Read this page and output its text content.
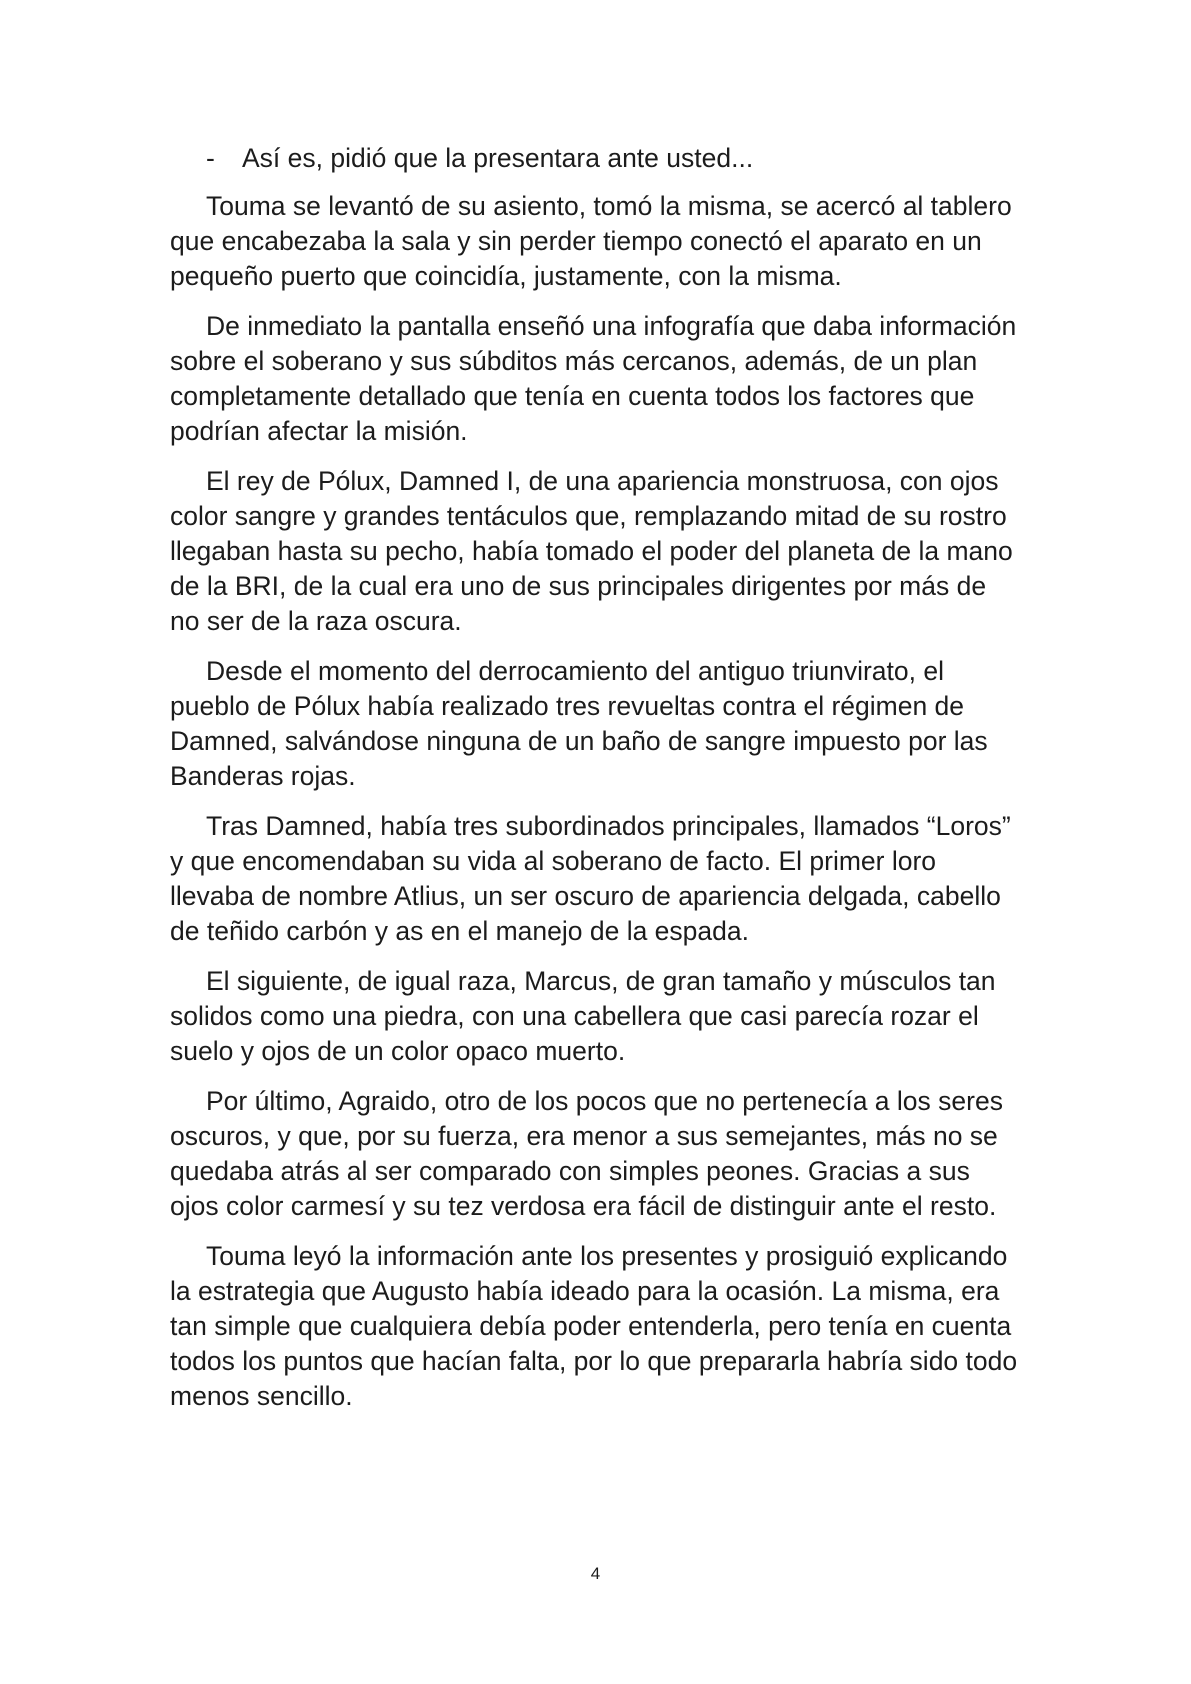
-	Así es, pidió que la presentara ante usted...

Touma se levantó de su asiento, tomó la misma, se acercó al tablero que encabezaba la sala y sin perder tiempo conectó el aparato en un pequeño puerto que coincidía, justamente, con la misma.

De inmediato la pantalla enseñó una infografía que daba información sobre el soberano y sus súbditos más cercanos, además, de un plan completamente detallado que tenía en cuenta todos los factores que podrían afectar la misión.

El rey de Pólux, Damned I, de una apariencia monstruosa, con ojos color sangre y grandes tentáculos que, remplazando mitad de su rostro llegaban hasta su pecho, había tomado el poder del planeta de la mano de la BRI, de la cual era uno de sus principales dirigentes por más de no ser de la raza oscura.

Desde el momento del derrocamiento del antiguo triunvirato, el pueblo de Pólux había realizado tres revueltas contra el régimen de Damned, salvándose ninguna de un baño de sangre impuesto por las Banderas rojas.

Tras Damned, había tres subordinados principales, llamados “Loros” y que encomendaban su vida al soberano de facto. El primer loro llevaba de nombre Atlius, un ser oscuro de apariencia delgada, cabello de teñido carbón y as en el manejo de la espada.

El siguiente, de igual raza, Marcus, de gran tamaño y músculos tan solidos como una piedra, con una cabellera que casi parecía rozar el suelo y ojos de un color opaco muerto.

Por último, Agraido, otro de los pocos que no pertenecía a los seres oscuros, y que, por su fuerza, era menor a sus semejantes, más no se quedaba atrás al ser comparado con simples peones. Gracias a sus ojos color carmesí y su tez verdosa era fácil de distinguir ante el resto.

Touma leyó la información ante los presentes y prosiguió explicando la estrategia que Augusto había ideado para la ocasión. La misma, era tan simple que cualquiera debía poder entenderla, pero tenía en cuenta todos los puntos que hacían falta, por lo que prepararla habría sido todo menos sencillo.

4
